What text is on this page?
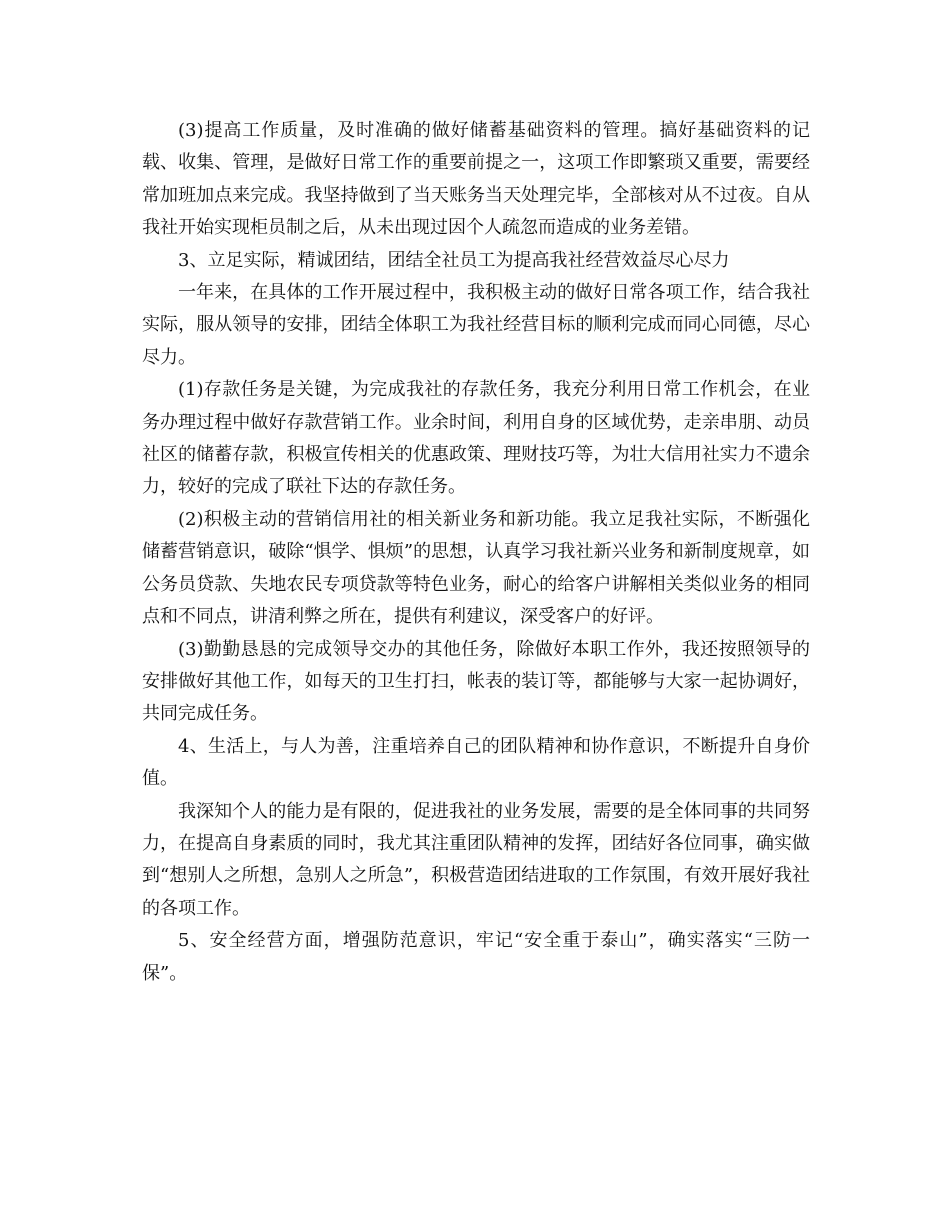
(3)提高工作质量，及时准确的做好储蓄基础资料的管理。搞好基础资料的记载、收集、管理，是做好日常工作的重要前提之一，这项工作即繁琐又重要，需要经常加班加点来完成。我坚持做到了当天账务当天处理完毕，全部核对从不过夜。自从我社开始实现柜员制之后，从未出现过因个人疏忽而造成的业务差错。

3、立足实际，精诚团结，团结全社员工为提高我社经营效益尽心尽力

一年来，在具体的工作开展过程中，我积极主动的做好日常各项工作，结合我社实际，服从领导的安排，团结全体职工为我社经营目标的顺利完成而同心同德，尽心尽力。

(1)存款任务是关键，为完成我社的存款任务，我充分利用日常工作机会，在业务办理过程中做好存款营销工作。业余时间，利用自身的区域优势，走亲串朋、动员社区的储蓄存款，积极宣传相关的优惠政策、理财技巧等，为壮大信用社实力不遗余力，较好的完成了联社下达的存款任务。

(2)积极主动的营销信用社的相关新业务和新功能。我立足我社实际，不断强化储蓄营销意识，破除“惧学、惧烦”的思想，认真学习我社新兴业务和新制度规章，如公务员贷款、失地农民专项贷款等特色业务，耐心的给客户讲解相关类似业务的相同点和不同点，讲清利弊之所在，提供有利建议，深受客户的好评。

(3)勤勤恳恳的完成领导交办的其他任务，除做好本职工作外，我还按照领导的安排做好其他工作，如每天的卫生打扫，帐表的装订等，都能够与大家一起协调好，共同完成任务。

4、生活上，与人为善，注重培养自己的团队精神和协作意识，不断提升自身价值。

我深知个人的能力是有限的，促进我社的业务发展，需要的是全体同事的共同努力，在提高自身素质的同时，我尤其注重团队精神的发挥，团结好各位同事，确实做到“想别人之所想，急别人之所急”，积极营造团结进取的工作氛围，有效开展好我社的各项工作。

5、安全经营方面，增强防范意识，牢记“安全重于泰山”，确实落实“三防一保”。
